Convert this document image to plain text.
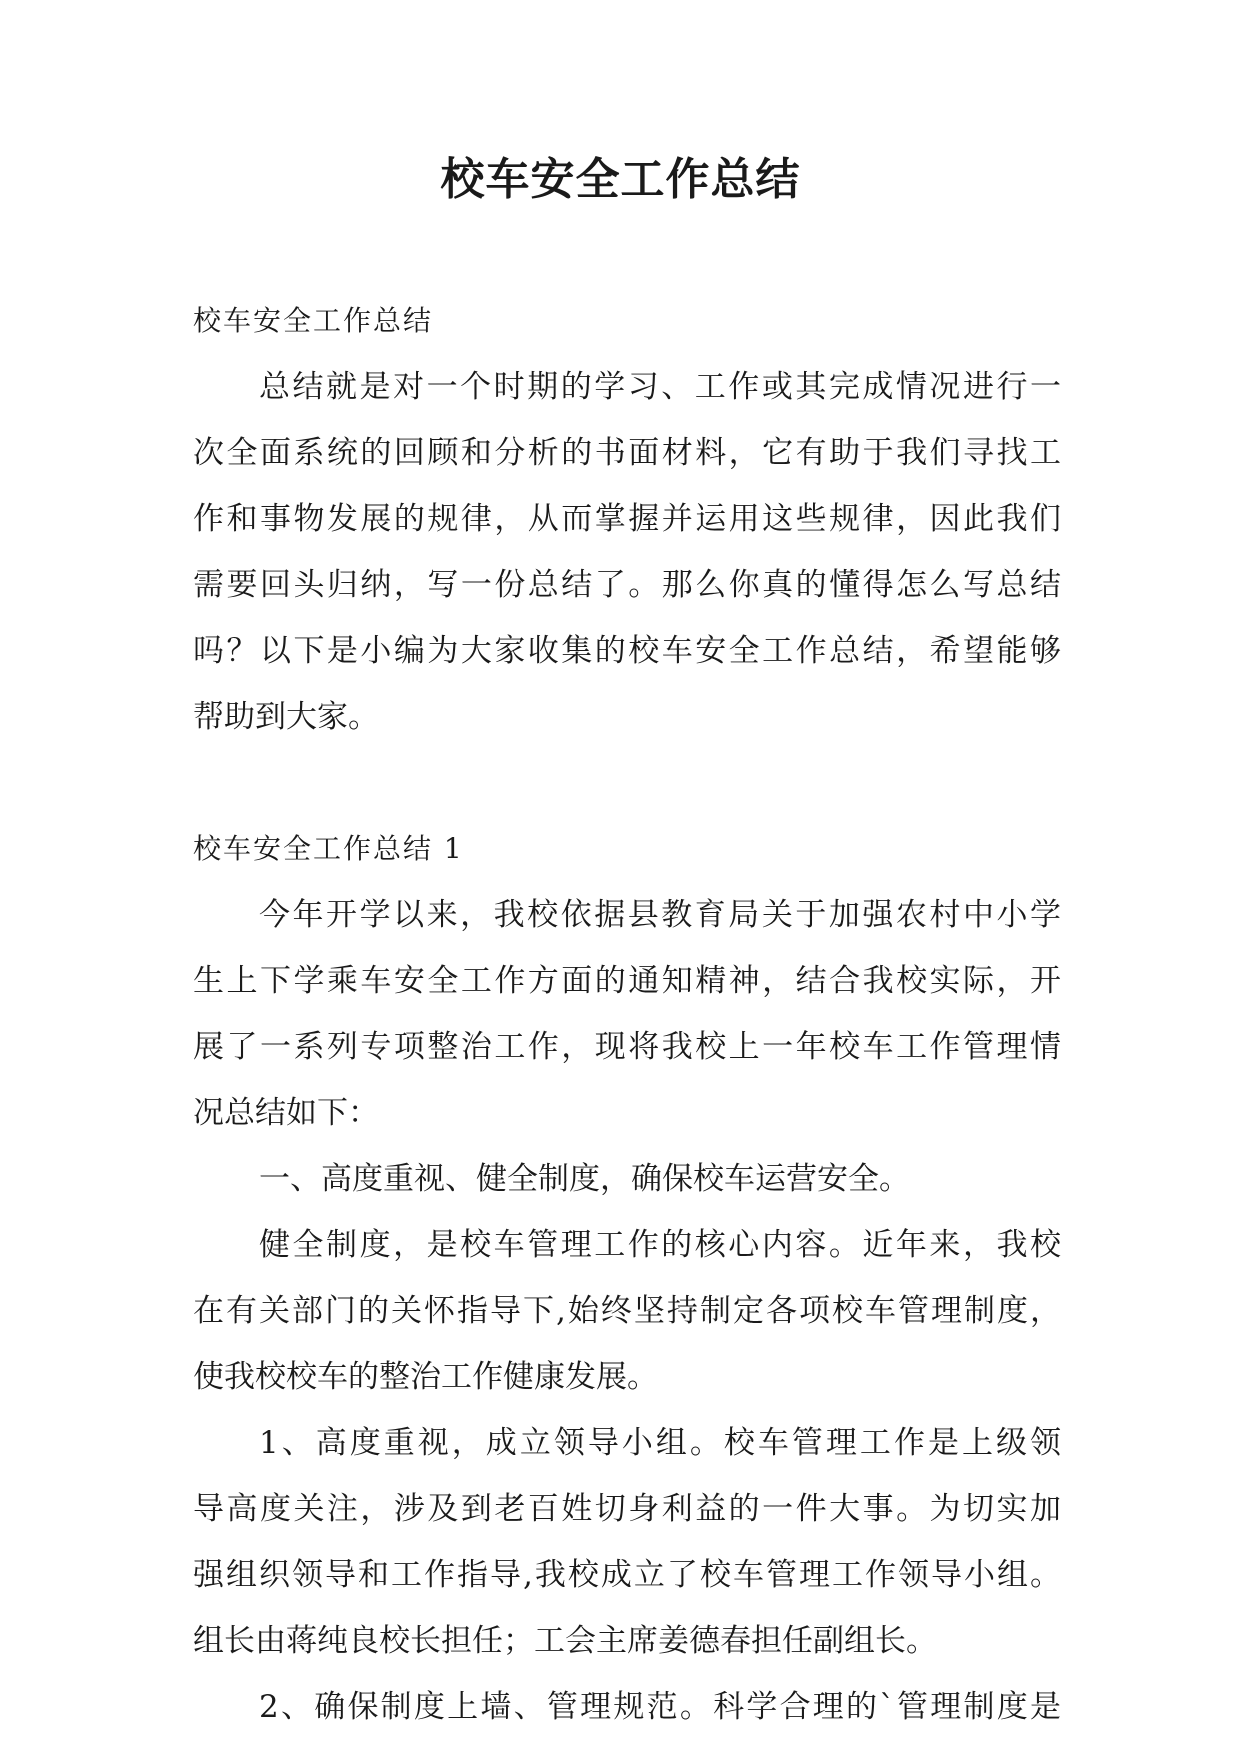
校车安全工作总结
校车安全工作总结
总结就是对一个时期的学习、工作或其完成情况进行一
次全面系统的回顾和分析的书面材料，它有助于我们寻找工
作和事物发展的规律，从而掌握并运用这些规律，因此我们
需要回头归纳，写一份总结了。那么你真的懂得怎么写总结
吗？以下是小编为大家收集的校车安全工作总结，希望能够
帮助到大家。
校车安全工作总结 1
今年开学以来，我校依据县教育局关于加强农村中小学
生上下学乘车安全工作方面的通知精神，结合我校实际，开
展了一系列专项整治工作，现将我校上一年校车工作管理情
况总结如下：
一、高度重视、健全制度，确保校车运营安全。
健全制度，是校车管理工作的核心内容。近年来，我校
在有关部门的关怀指导下,始终坚持制定各项校车管理制度，
使我校校车的整治工作健康发展。
1、高度重视，成立领导小组。校车管理工作是上级领
导高度关注，涉及到老百姓切身利益的一件大事。为切实加
强组织领导和工作指导,我校成立了校车管理工作领导小组。
组长由蒋纯良校长担任；工会主席姜德春担任副组长。
2、确保制度上墙、管理规范。科学合理的`管理制度是
